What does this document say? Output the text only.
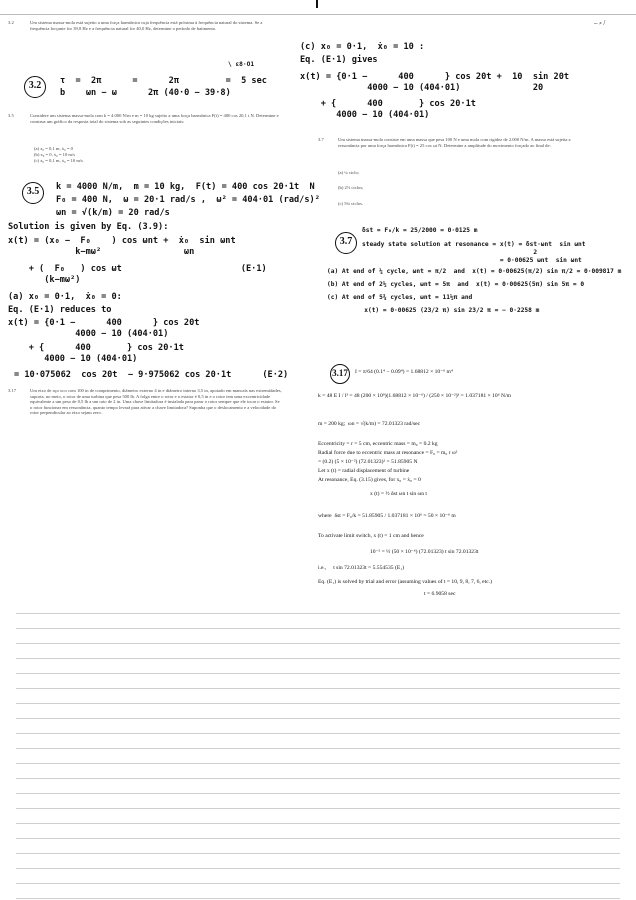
– ⸗ /
3.2	Um sistema massa-mola está sujeito a uma força harmônica cuja frequência está próxima à frequência natural do sistema. Se a frequência forçante for 39,8 Hz e a frequência natural for 40,0 Hz, determine o período de batimento.
\ ε8·O1
3.2	τ  =  2π      =      2π         =  5 sec
b    ωn − ω      2π (40·0 − 39·8)
3.5	Considere um sistema massa-mola com k = 4.000 N/m e m = 10 kg sujeito a uma força harmônica F(t) = 400 cos 20,1 t N. Determine e construa um gráfico da resposta total do sistema sob as seguintes condições iniciais:
(a) x₀ = 0,1 m, ẋ₀ = 0
(b) x₀ = 0, ẋ₀ = 10 m/s
(c) x₀ = 0,1 m, ẋ₀ = 10 m/s
3.5	k = 4000 N/m,  m = 10 kg,  F(t) = 400 cos 20·1t  N
F₀ = 400 N,  ω = 20·1 rad/s ,  ω² = 404·01 (rad/s)²
ωn = √(k/m) = 20 rad/s
Solution is given by Eq. (3.9):
x(t) = (x₀ −  F₀    ) cos ωnt +  ẋ₀  sin ωnt
k−mω²                ωn
+ (  F₀   ) cos ωt                       (E·1)
(k−mω²)
(a) x₀ = 0·1,  ẋ₀ = 0:
Eq. (E·1) reduces to
x(t) = {0·1 −      400      } cos 20t
4000 − 10 (404·01)
+ {      400       } cos 20·1t
4000 − 10 (404·01)
= 10·075062  cos 20t  − 9·975062 cos 20·1t      (E·2)
(c) x₀ = 0·1,  ẋ₀ = 10 :
Eq. (E·1) gives
x(t) = {0·1 −      400      } cos 20t +  10  sin 20t
4000 − 10 (404·01)              20
+ {      400       } cos 20·1t
4000 − 10 (404·01)
3.7	Um sistema massa-mola consiste em uma massa que pesa 100 N e uma mola com rigidez de 2.000 N/m. A massa está sujeita a ressonância por uma força harmônica F(t) = 25 cos ωt N. Determine a amplitude do movimento forçado ao final de:
(a) ¼ ciclo;
(b) 2½ ciclos;
(c) 5¾ ciclos.
3.7
δst = F₀/k = 25/2000 = 0·0125 m
steady state solution at resonance = x(t) = δst·ωnt  sin ωnt
2
= 0·00625 ωnt  sin ωnt
(a) At end of ¼ cycle, ωnt = π/2  and  x(t) = 0·00625(π/2) sin π/2 = 0·009817 m
(b) At end of 2½ cycles, ωnt = 5π  and  x(t) = 0·00625(5π) sin 5π = 0
(c) At end of 5¾ cycles, ωnt = 11½π and
x(t) = 0·00625 (23/2 π) sin 23/2 π = − 0·2258 m
3.17	Um eixo de aço oco com 100 in de comprimento, diâmetro externo 4 in e diâmetro interno 3,5 in, apoiado em mancais nas extremidades, suporta, no meio, o rotor de uma turbina que pesa 500 lb. A folga entre o rotor e o estator é 0,5 in e o rotor tem uma excentricidade equivalente a um peso de 0,5 lb a um raio de 2 in. Uma chave limitadora é instalada para parar o rotor sempre que ele tocar o estator. Se o rotor funcionar em ressonância, quanto tempo levará para ativar a chave limitadora? Suponha que o deslocamento e a velocidade do rotor perpendicular ao eixo sejam zero.
3.17	I = π/64 (0.1⁴ − 0.09⁴) = 1.68812 × 10⁻⁶ m⁴
k = 48 E I / l³ = 48 (200 × 10⁹)(1.68812 × 10⁻⁶) / (250 × 10⁻²)³ = 1.037181 × 10⁶ N/m
m = 200 kg;  ωn = √(k/m) = 72.01323 rad/sec
Eccentricity = r = 5 cm, eccentric mass = m₀ = 0.2 kg
Radial force due to eccentric mass at resonance = F₀ = m₀ r ω²
= (0.2) (5 × 10⁻²) (72.01323)² = 51.85905 N
Let x (t) = radial displacement of turbine
At resonance, Eq. (3.15) gives, for x₀ = ẋ₀ = 0
x (t) = ½ δst ωn t sin ωn t
where  δst = F₀/k = 51.85905 / 1.037181 × 10⁶ = 50 × 10⁻⁶ m
To activate limit switch, x (t) = 1 cm and hence
10⁻² = ½ (50 × 10⁻⁶) (72.01323) t sin 72.01323t
i.e.,     t sin 72.01323t = 5.554535 (E₁)
Eq. (E₁) is solved by trial and error (assuming values of t = 10, 9, 8, 7, 6, etc.)
t = 6.9058 sec
